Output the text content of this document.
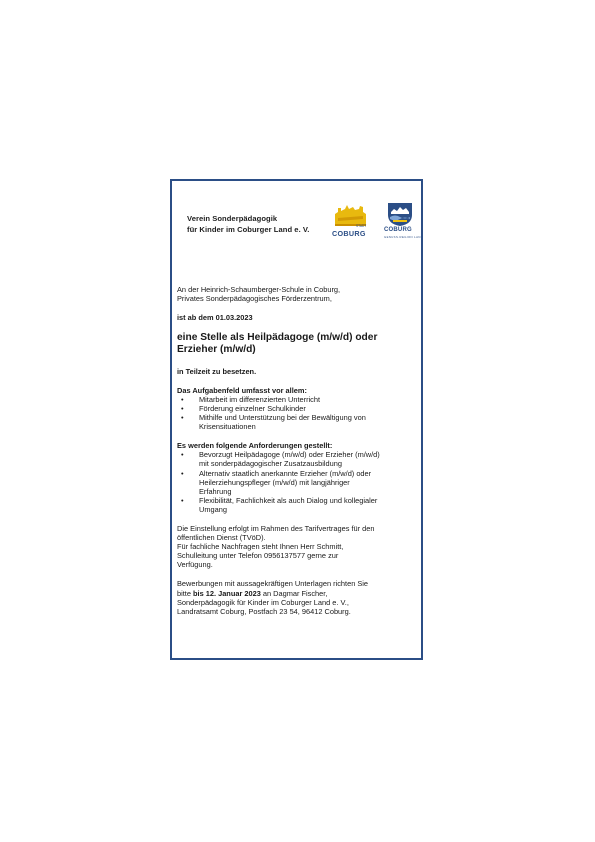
Verein Sonderpädagogik
für Kinder im Coburger Land e. V.	STADT
COBURG	COBURG
GENUSS·REGION LAND

An der Heinrich-Schaumberger-Schule in Coburg,

Privates Sonderpädagogisches Förderzentrum,

ist ab dem 01.03.2023

eine Stelle als Heilpädagoge (m/w/d) oder

Erzieher (m/w/d)

in Teilzeit zu besetzen.

Das Aufgabenfeld umfasst vor allem:

• Mitarbeit im differenzierten Unterricht
• Förderung einzelner Schulkinder
• Mithilfe und Unterstützung bei der Bewältigung von
Krisensituationen

Es werden folgende Anforderungen gestellt:

• Bevorzugt Heilpädagoge (m/w/d) oder Erzieher (m/w/d)
mit sonderpädagogischer Zusatzausbildung
• Alternativ staatlich anerkannte Erzieher (m/w/d) oder
Heilerziehungspfleger (m/w/d) mit langjähriger
Erfahrung
• Flexibilität, Fachlichkeit als auch Dialog und kollegialer
Umgang

Die Einstellung erfolgt im Rahmen des Tarifvertrages für den

öffentlichen Dienst (TVöD).

Für fachliche Nachfragen steht Ihnen Herr Schmitt,

Schulleitung unter Telefon 0956137577 gerne zur

Verfügung.

Bewerbungen mit aussagekräftigen Unterlagen richten Sie

bitte bis 12. Januar 2023 an Dagmar Fischer,

Sonderpädagogik für Kinder im Coburger Land e. V.,

Landratsamt Coburg, Postfach 23 54, 96412 Coburg.
